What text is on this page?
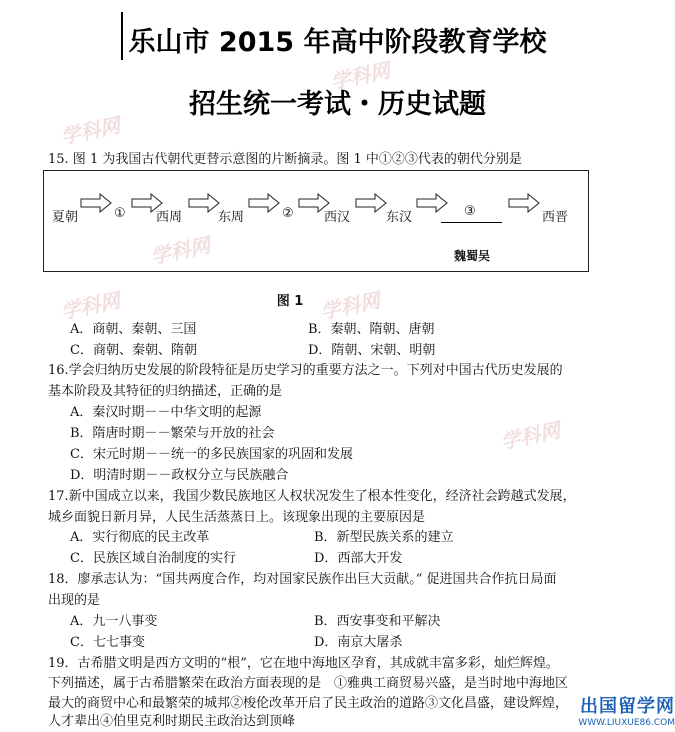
学科网
学科网
学科网
学科网	学科网
学科网
乐山市 2015 年高中阶段教育学校
招生统一考试・历史试题
15. 图 1 为我国古代朝代更替示意图的片断摘录。图 1 中①②③代表的朝代分别是
夏朝	① 西周	东周	② 西汉	东汉	③	西晋
魏蜀吴
图 1
A．商朝、秦朝、三国	B．秦朝、隋朝、唐朝
C．商朝、秦朝、隋朝	D．隋朝、宋朝、明朝
16.学会归纳历史发展的阶段特征是历史学习的重要方法之一。下列对中国古代历史发展的
基本阶段及其特征的归纳描述，正确的是
A．秦汉时期－－中华文明的起源
B．隋唐时期－－繁荣与开放的社会
C．宋元时期－－统一的多民族国家的巩固和发展
D．明清时期－－政权分立与民族融合
17.新中国成立以来，我国少数民族地区人权状况发生了根本性变化，经济社会跨越式发展，
城乡面貌日新月异，人民生活蒸蒸日上。该现象出现的主要原因是
A．实行彻底的民主改革	B．新型民族关系的建立
C．民族区域自治制度的实行	D．西部大开发
18．廖承志认为：“国共两度合作，均对国家民族作出巨大贡献。” 促进国共合作抗日局面
出现的是
A．九一八事变	B．西安事变和平解决
C．七七事变	D．南京大屠杀
19．古希腊文明是西方文明的“根”，它在地中海地区孕育，其成就丰富多彩，灿烂辉煌。
下列描述，属于古希腊繁荣在政治方面表现的是　①雅典工商贸易兴盛，是当时地中海地区
最大的商贸中心和最繁荣的城邦②梭伦改革开启了民主政治的道路③文化昌盛，建设辉煌，
人才辈出④伯里克利时期民主政治达到顶峰
出国留学网
WWW.LIUXUE86.COM
